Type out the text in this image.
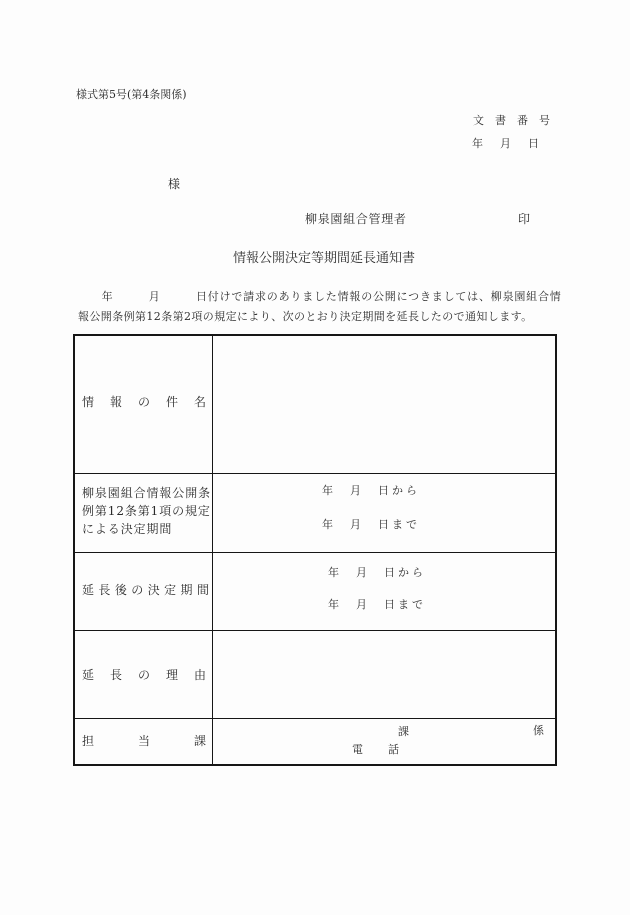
様式第5号(第4条関係)
文　書　番　号
年　月　日
様
柳泉園組合管理者	印
情報公開決定等期間延長通知書
　　年　　　月　　　日付けで請求のありました情報の公開につきましては、柳泉園組合情
報公開条例第12条第2項の規定により、次のとおり決定期間を延長したので通知します。
情報の件名
柳泉園組合情報公開条例第12条第1項の規定による決定期間
年　月　日から
年　月　日まで
延長後の決定期間
年　月　日から
年　月　日まで
延長の理由
担当課
課	係
電　話
